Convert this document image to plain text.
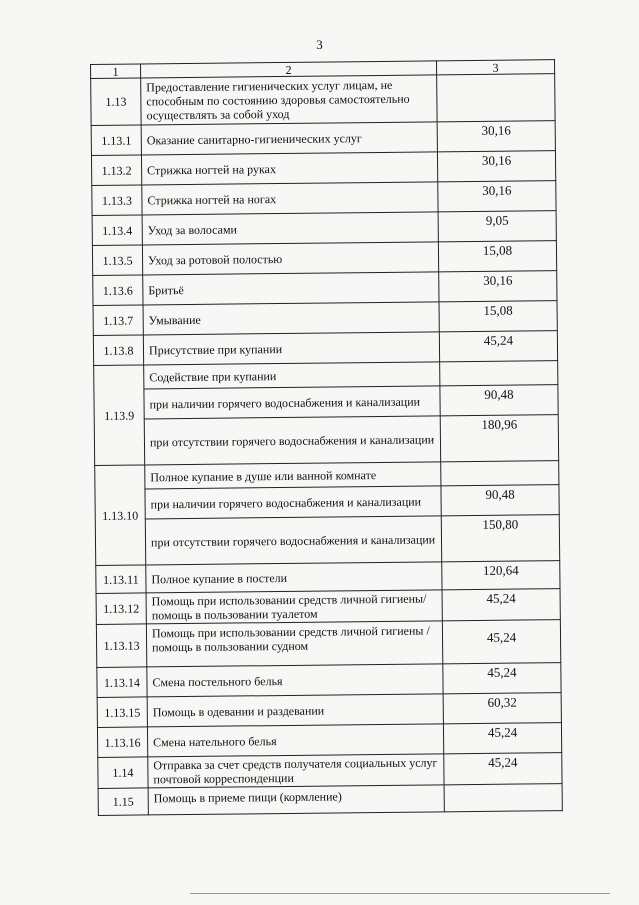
3
1	2	3
1.13	Предоставление гигиенических услуг лицам, не способным по состоянию здоровья самостоятельно осуществлять за собой уход	
1.13.1	Оказание санитарно-гигиенических услуг	30,16
1.13.2	Стрижка ногтей на руках	30,16
1.13.3	Стрижка ногтей на ногах	30,16
1.13.4	Уход за волосами	9,05
1.13.5	Уход за ротовой полостью	15,08
1.13.6	Бритьё	30,16
1.13.7	Умывание	15,08
1.13.8	Присутствие при купании	45,24
1.13.9	Содействие при купании	
	при наличии горячего водоснабжения и канализации	90,48
	при отсутствии горячего водоснабжения и канализации	180,96
1.13.10	Полное купание в душе или ванной комнате	
	при наличии горячего водоснабжения и канализации	90,48
	при отсутствии горячего водоснабжения и канализации	150,80
1.13.11	Полное купание в постели	120,64
1.13.12	Помощь при использовании средств личной гигиены/помощь в пользовании туалетом	45,24
1.13.13	Помощь при использовании средств личной гигиены / помощь в пользовании судном	45,24
1.13.14	Смена постельного белья	45,24
1.13.15	Помощь в одевании и раздевании	60,32
1.13.16	Смена нательного белья	45,24
1.14	Отправка за счет средств получателя социальных услуг почтовой корреспонденции	45,24
1.15	Помощь в приеме пищи (кормление)	
